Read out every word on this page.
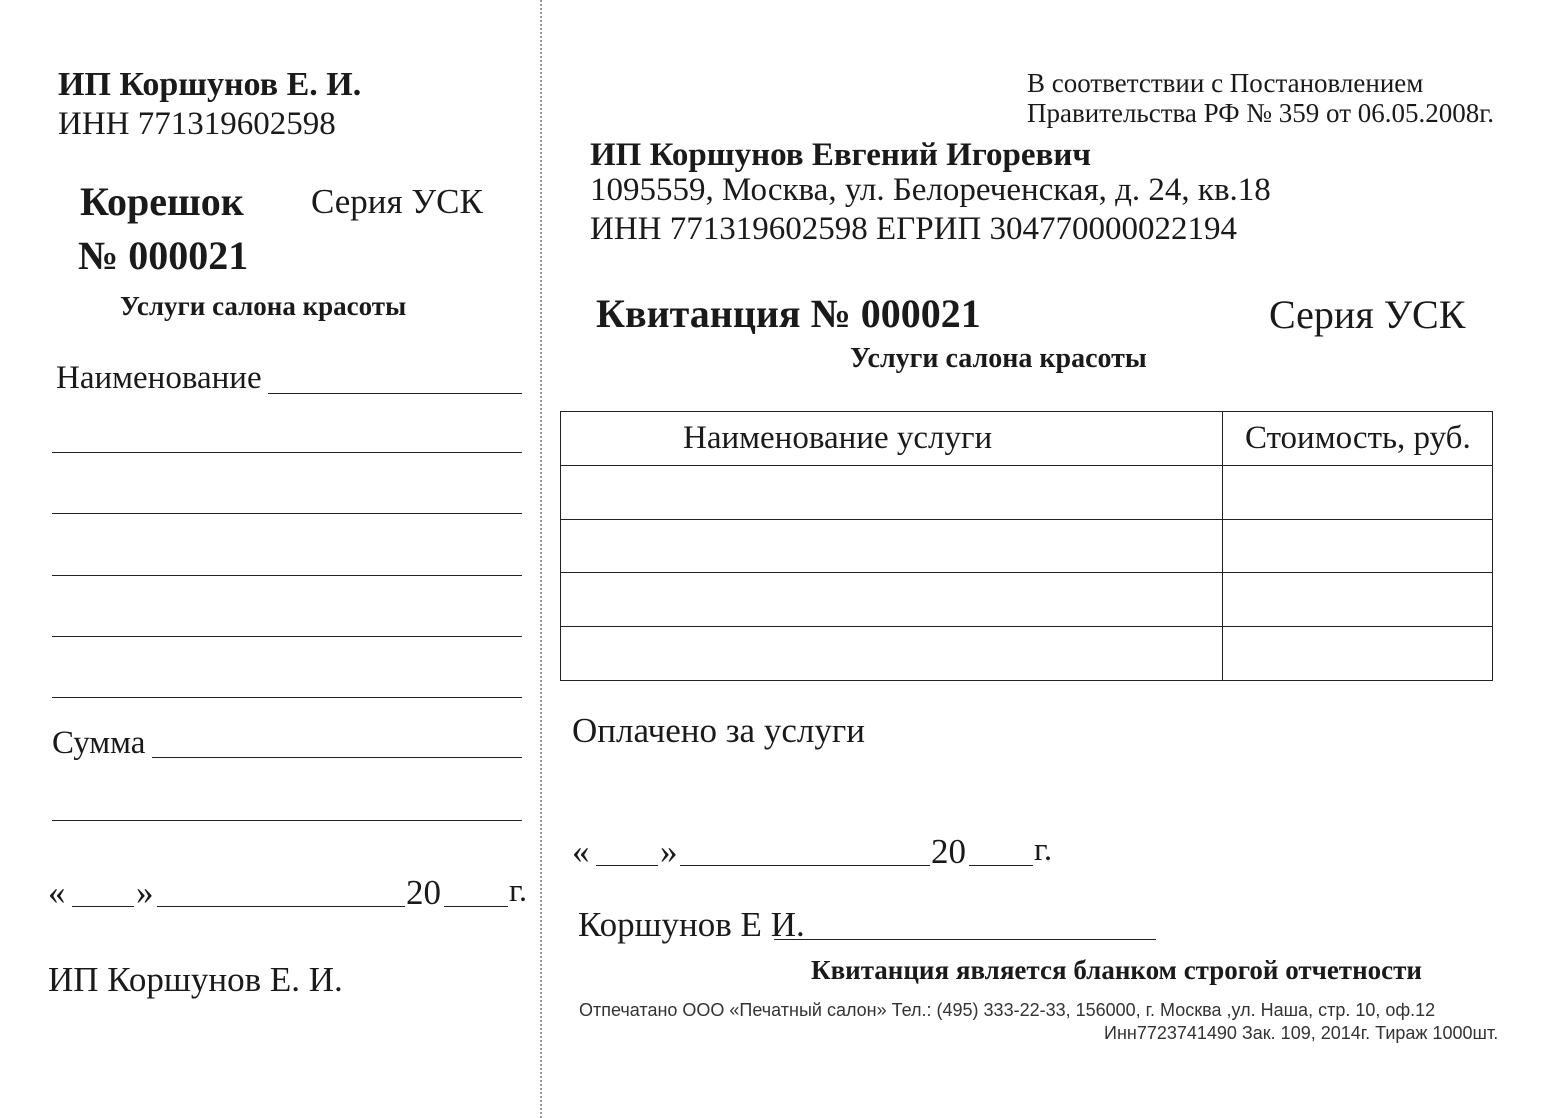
ИП Коршунов Е. И.
ИНН 771319602598
Корешок Серия УСК
№ 000021
Услуги салона красоты
Наименование
Сумма
« »	20 г.
ИП Коршунов Е. И.
В соответствии с Постановлением
Правительства РФ № 359 от 06.05.2008г.
ИП Коршунов Евгений Игоревич
1095559, Москва, ул. Белореченская, д. 24, кв.18
ИНН 771319602598 ЕГРИП 304770000022194
Квитанция № 000021	Серия УСК
Услуги салона красоты
Наименование услуги	Стоимость, руб.

Оплачено за услуги
« »	20 г.
Коршунов Е И.
Квитанция является бланком строгой отчетности
Отпечатано ООО «Печатный салон» Тел.: (495) 333-22-33, 156000, г. Москва ,ул. Наша, стр. 10, оф.12
Инн7723741490 Зак. 109, 2014г. Тираж 1000шт.
